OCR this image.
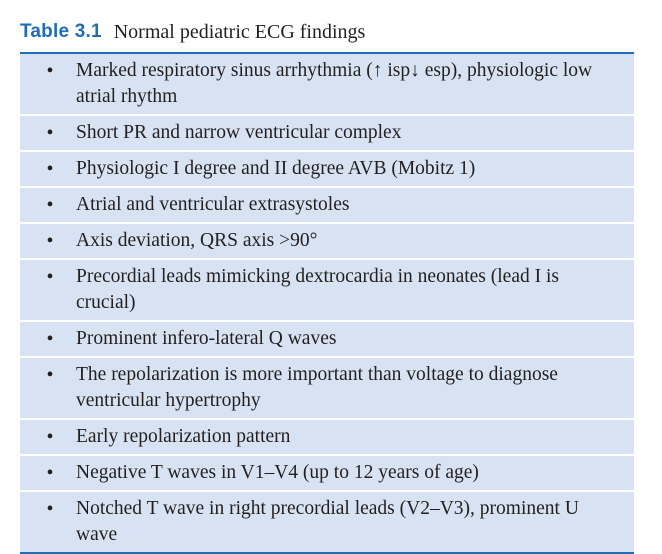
Table 3.1 Normal pediatric ECG findings
•	Marked respiratory sinus arrhythmia (↑ isp↓ esp), physiologic low atrial rhythm
•	Short PR and narrow ventricular complex
•	Physiologic I degree and II degree AVB (Mobitz 1)
•	Atrial and ventricular extrasystoles
•	Axis deviation, QRS axis >90°
•	Precordial leads mimicking dextrocardia in neonates (lead I is crucial)
•	Prominent infero-lateral Q waves
•	The repolarization is more important than voltage to diagnose ventricular hypertrophy
•	Early repolarization pattern
•	Negative T waves in V1–V4 (up to 12 years of age)
•	Notched T wave in right precordial leads (V2–V3), prominent U wave
